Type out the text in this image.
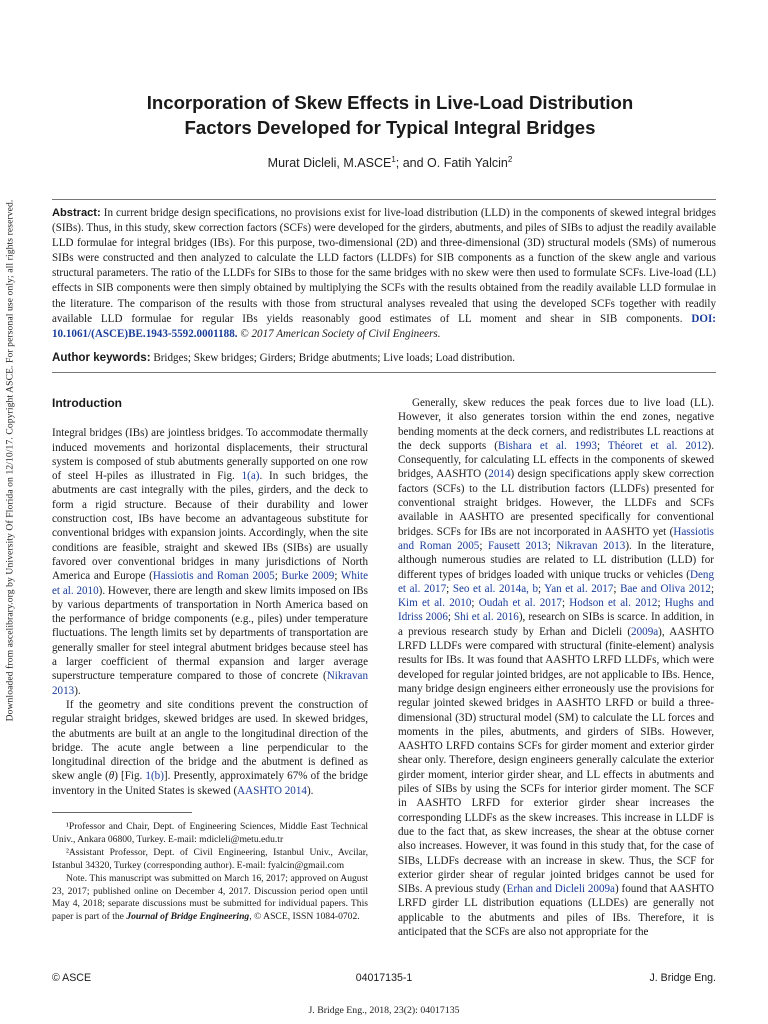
Downloaded from ascelibrary.org by University Of Florida on 12/10/17. Copyright ASCE. For personal use only; all rights reserved.
Incorporation of Skew Effects in Live-Load Distribution
Factors Developed for Typical Integral Bridges
Murat Dicleli, M.ASCE$^1$; and O. Fatih Yalcin$^2$

Abstract: In current bridge design specifications, no provisions exist for live-load distribution (LLD) in the components of skewed integral bridges (SIBs). Thus, in this study, skew correction factors (SCFs) were developed for the girders, abutments, and piles of SIBs to adjust the readily available LLD formulae for integral bridges (IBs). For this purpose, two-dimensional (2D) and three-dimensional (3D) structural models (SMs) of numerous SIBs were constructed and then analyzed to calculate the LLD factors (LLDFs) for SIB components as a function of the skew angle and various structural parameters. The ratio of the LLDFs for SIBs to those for the same bridges with no skew were then used to formulate SCFs. Live-load (LL) effects in SIB components were then simply obtained by multiplying the SCFs with the results obtained from the readily available LLD formulae in the literature. The comparison of the results with those from structural analyses revealed that using the developed SCFs together with readily available LLD formulae for regular IBs yields reasonably good estimates of LL moment and shear in SIB components. DOI: 10.1061/(ASCE)BE.1943-5592.0001188. © 2017 American Society of Civil Engineers.

Author keywords: Bridges; Skew bridges; Girders; Bridge abutments; Live loads; Load distribution.

Introduction

Integral bridges (IBs) are jointless bridges. To accommodate thermally induced movements and horizontal displacements, their structural system is composed of stub abutments generally supported on one row of steel H-piles as illustrated in Fig. 1(a). In such bridges, the abutments are cast integrally with the piles, girders, and the deck to form a rigid structure. Because of their durability and lower construction cost, IBs have become an advantageous substitute for conventional bridges with expansion joints. Accordingly, when the site conditions are feasible, straight and skewed IBs (SIBs) are usually favored over conventional bridges in many jurisdictions of North America and Europe (Hassiotis and Roman 2005; Burke 2009; White et al. 2010). However, there are length and skew limits imposed on IBs by various departments of transportation in North America based on the performance of bridge components (e.g., piles) under temperature fluctuations. The length limits set by departments of transportation are generally smaller for steel integral abutment bridges because steel has a larger coefficient of thermal expansion and larger average superstructure temperature compared to those of concrete (Nikravan 2013).

If the geometry and site conditions prevent the construction of regular straight bridges, skewed bridges are used. In skewed bridges, the abutments are built at an angle to the longitudinal direction of the bridge. The acute angle between a line perpendicular to the longitudinal direction of the bridge and the abutment is defined as skew angle (θ) [Fig. 1(b)]. Presently, approximately 67% of the bridge inventory in the United States is skewed (AASHTO 2014).

¹Professor and Chair, Dept. of Engineering Sciences, Middle East Technical Univ., Ankara 06800, Turkey. E-mail: mdicleli@metu.edu.tr

²Assistant Professor, Dept. of Civil Engineering, Istanbul Univ., Avcilar, Istanbul 34320, Turkey (corresponding author). E-mail: fyalcin@gmail.com

Note. This manuscript was submitted on March 16, 2017; approved on August 23, 2017; published online on December 4, 2017. Discussion period open until May 4, 2018; separate discussions must be submitted for individual papers. This paper is part of the Journal of Bridge Engineering, © ASCE, ISSN 1084-0702.

Generally, skew reduces the peak forces due to live load (LL). However, it also generates torsion within the end zones, negative bending moments at the deck corners, and redistributes LL reactions at the deck supports (Bishara et al. 1993; Théoret et al. 2012). Consequently, for calculating LL effects in the components of skewed bridges, AASHTO (2014) design specifications apply skew correction factors (SCFs) to the LL distribution factors (LLDFs) presented for conventional straight bridges. However, the LLDFs and SCFs available in AASHTO are presented specifically for conventional bridges. SCFs for IBs are not incorporated in AASHTO yet (Hassiotis and Roman 2005; Fausett 2013; Nikravan 2013). In the literature, although numerous studies are related to LL distribution (LLD) for different types of bridges loaded with unique trucks or vehicles (Deng et al. 2017; Seo et al. 2014a, b; Yan et al. 2017; Bae and Oliva 2012; Kim et al. 2010; Oudah et al. 2017; Hodson et al. 2012; Hughs and Idriss 2006; Shi et al. 2016), research on SIBs is scarce. In addition, in a previous research study by Erhan and Dicleli (2009a), AASHTO LRFD LLDFs were compared with structural (finite-element) analysis results for IBs. It was found that AASHTO LRFD LLDFs, which were developed for regular jointed bridges, are not applicable to IBs. Hence, many bridge design engineers either erroneously use the provisions for regular jointed skewed bridges in AASHTO LRFD or build a three-dimensional (3D) structural model (SM) to calculate the LL forces and moments in the piles, abutments, and girders of SIBs. However, AASHTO LRFD contains SCFs for girder moment and exterior girder shear only. Therefore, design engineers generally calculate the exterior girder moment, interior girder shear, and LL effects in abutments and piles of SIBs by using the SCFs for interior girder moment. The SCF in AASHTO LRFD for exterior girder shear increases the corresponding LLDFs as the skew increases. This increase in LLDF is due to the fact that, as skew increases, the shear at the obtuse corner also increases. However, it was found in this study that, for the case of SIBs, LLDFs decrease with an increase in skew. Thus, the SCF for exterior girder shear of regular jointed bridges cannot be used for SIBs. A previous study (Erhan and Dicleli 2009a) found that AASHTO LRFD girder LL distribution equations (LLDEs) are generally not applicable to the abutments and piles of IBs. Therefore, it is anticipated that the SCFs are also not appropriate for the

© ASCE	04017135-1	J. Bridge Eng.
J. Bridge Eng., 2018, 23(2): 04017135
